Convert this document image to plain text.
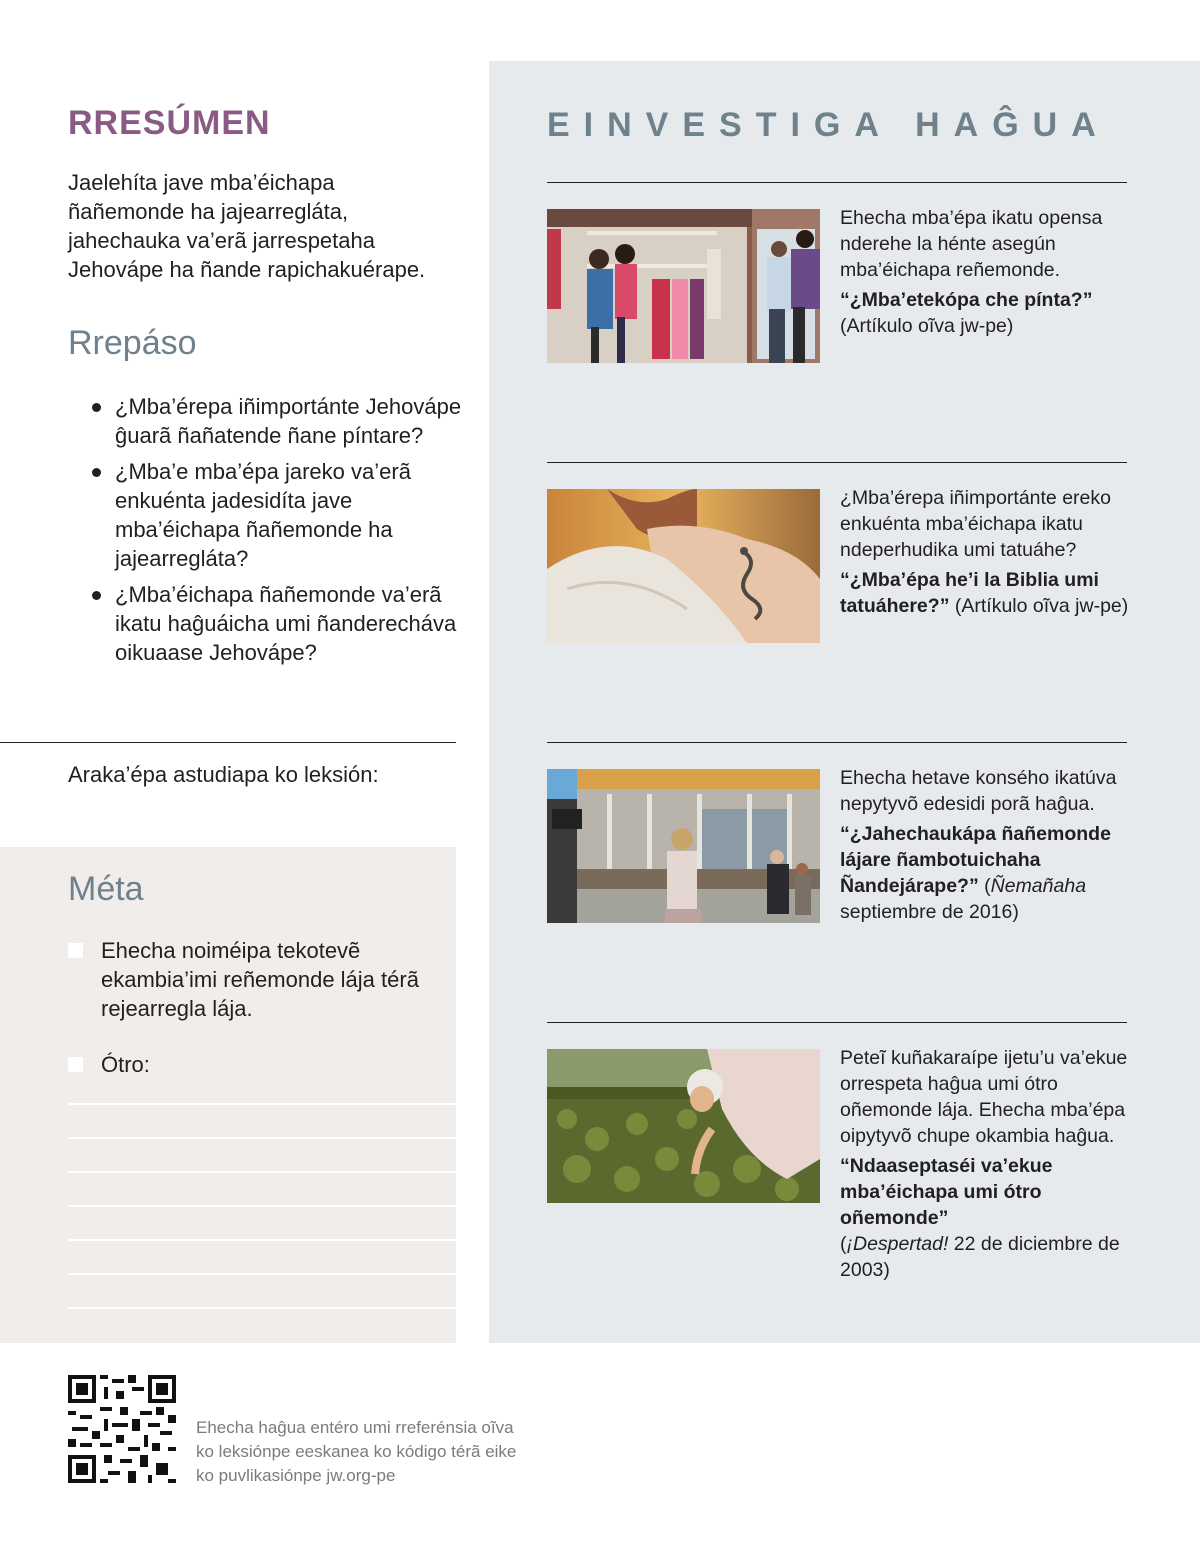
RRESÚMEN
Jaelehíta jave mba’éichapa ñañemonde ha jajearregláta, jahechauka va’erã jarrespetaha Jehovápe ha ñande rapichakuérape.
Rrepáso
¿Mba’érepa iñimportánte Jehovápe ĝuarã ñañatende ñane píntare?
¿Mba’e mba’épa jareko va’erã enkuénta jadesidíta jave mba’éichapa ñañemonde ha jajearregláta?
¿Mba’éichapa ñañemonde va’erã ikatu haĝuáicha umi ñanderecháva oikuaase Jehovápe?
Araka’épa astudiapa ko leksión:
Méta
Ehecha noiméipa tekotevẽ ekambia’imi reñemonde lája térã rejearregla lája.
Ótro:
EINVESTIGA HAĜUA

Ehecha mba’épa ikatu opensa nderehe la hénte asegún mba’éichapa reñemonde.

“¿Mba’etekópa che pínta?”

(Artíkulo oĩva jw-pe)

¿Mba’érepa iñimportánte ereko enkuénta mba’éichapa ikatu ndeperhudika umi tatuáhe?

“¿Mba’épa he’i la Biblia umi tatuáhere?” (Artíkulo oĩva jw-pe)

Ehecha hetave konsého ikatúva nepytyvõ edesidi porã haĝua.

“¿Jahechaukápa ñañemonde lájare ñambotuichaha Ñandejárape?” (Ñemañaha septiembre de 2016)

Peteĩ kuñakaraípe ijetu’u va’ekue orrespeta haĝua umi ótro oñemonde lája. Ehecha mba’épa oipytyvõ chupe okambia haĝua.

“Ndaaseptaséi va’ekue mba’éichapa umi ótro oñemonde”

(¡Despertad! 22 de diciembre de 2003)

Ehecha haĝua entéro umi rreferénsia oĩva ko leksiónpe eeskanea ko kódigo térã eike ko puvlikasiónpe jw.org-pe
